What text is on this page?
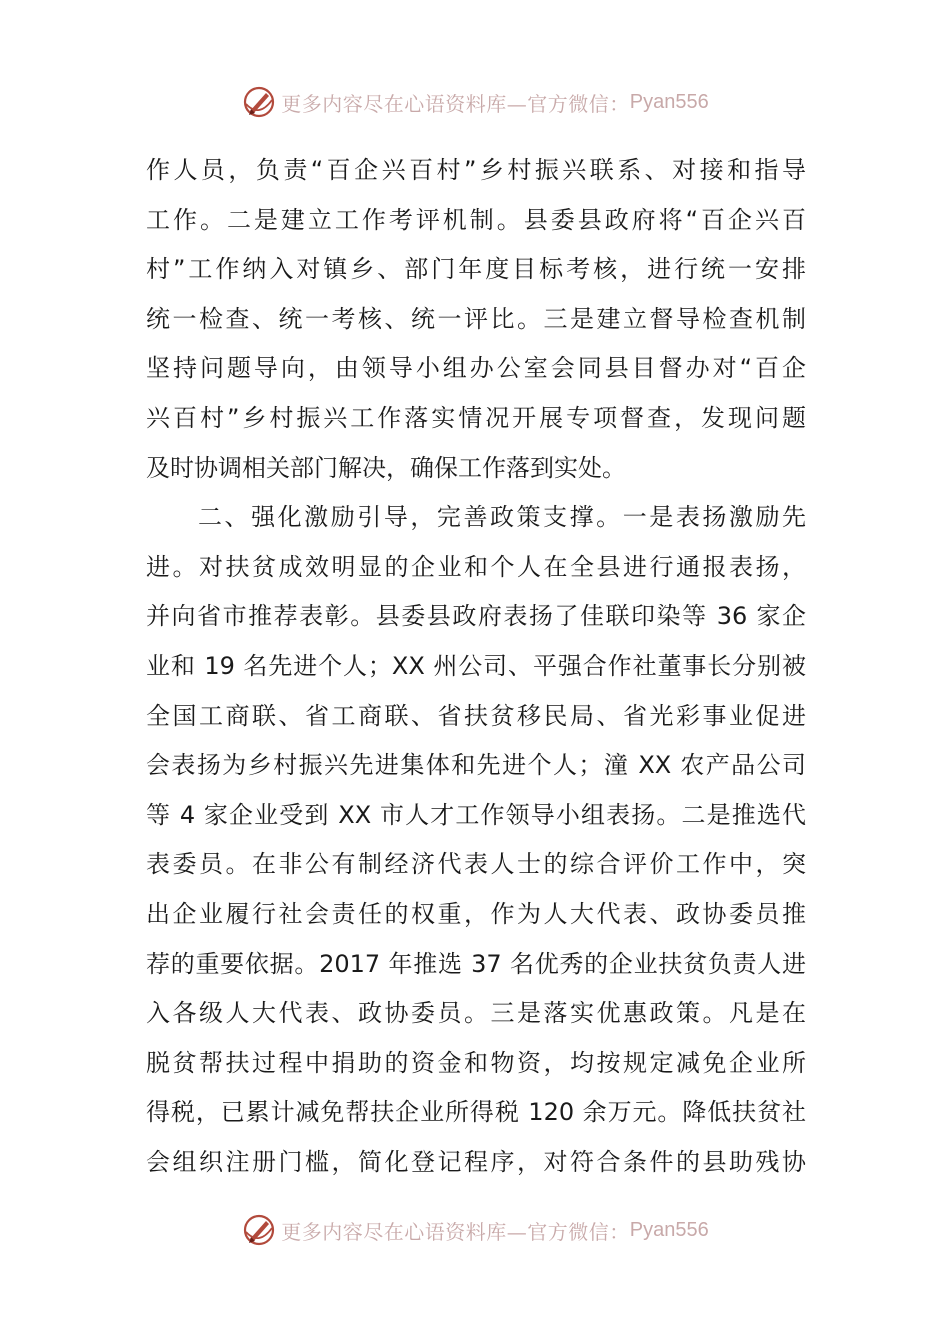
更多内容尽在心语资料库—官方微信： Pyan556
作人员，负责“百企兴百村”乡村振兴联系、对接和指导
工作。二是建立工作考评机制。县委县政府将“百企兴百
村”工作纳入对镇乡、部门年度目标考核，进行统一安排
统一检查、统一考核、统一评比。三是建立督导检查机制
坚持问题导向，由领导小组办公室会同县目督办对“百企
兴百村”乡村振兴工作落实情况开展专项督查，发现问题
及时协调相关部门解决，确保工作落到实处。
二、强化激励引导，完善政策支撑。一是表扬激励先
进。对扶贫成效明显的企业和个人在全县进行通报表扬，
并向省市推荐表彰。县委县政府表扬了佳联印染等 36 家企
业和 19 名先进个人；XX 州公司、平强合作社董事长分别被
全国工商联、省工商联、省扶贫移民局、省光彩事业促进
会表扬为乡村振兴先进集体和先进个人；潼 XX 农产品公司
等 4 家企业受到 XX 市人才工作领导小组表扬。二是推选代
表委员。在非公有制经济代表人士的综合评价工作中，突
出企业履行社会责任的权重，作为人大代表、政协委员推
荐的重要依据。2017 年推选 37 名优秀的企业扶贫负责人进
入各级人大代表、政协委员。三是落实优惠政策。凡是在
脱贫帮扶过程中捐助的资金和物资，均按规定减免企业所
得税，已累计减免帮扶企业所得税 120 余万元。降低扶贫社
会组织注册门槛，简化登记程序，对符合条件的县助残协
更多内容尽在心语资料库—官方微信： Pyan556
